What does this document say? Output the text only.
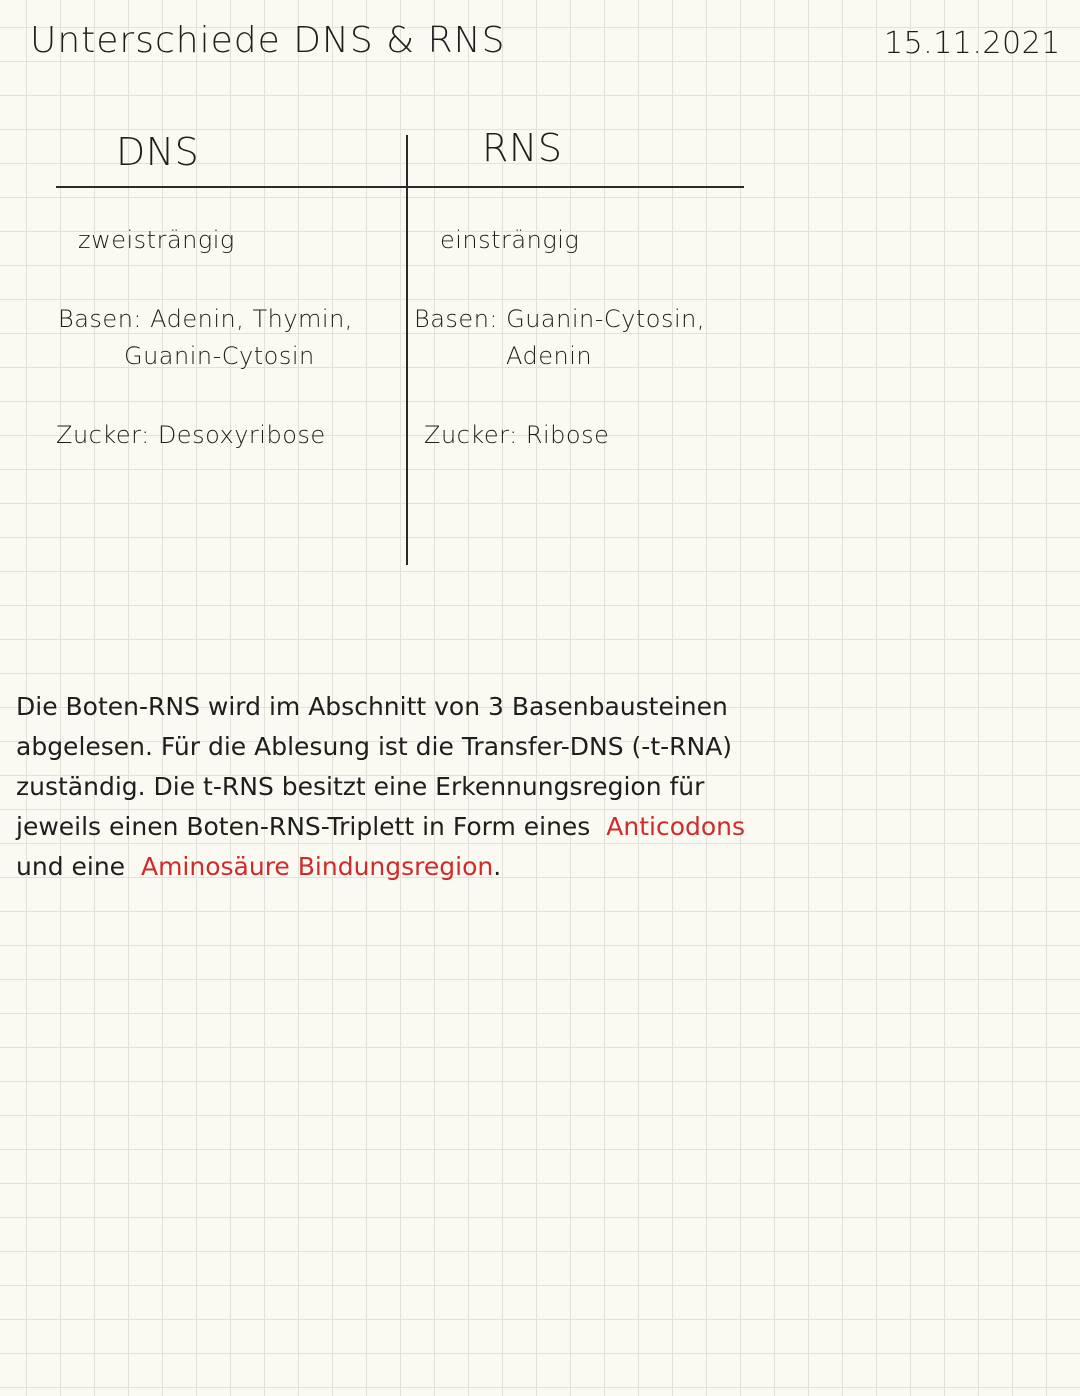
Unterschiede DNS & RNS	15.11.2021
DNS	RNS
zweisträngig
Basen: Adenin, Thymin,
Guanin-Cytosin
Zucker: Desoxyribose
einsträngig
Basen: Guanin-Cytosin,
Adenin
Zucker: Ribose
Die Boten-RNS wird im Abschnitt von 3 Basenbausteinen
abgelesen. Für die Ablesung ist die Transfer-DNS (-t-RNA)
zuständig. Die t-RNS besitzt eine Erkennungsregion für
jeweils einen Boten-RNS-Triplett in Form eines Anticodons
und eine Aminosäure Bindungsregion.
